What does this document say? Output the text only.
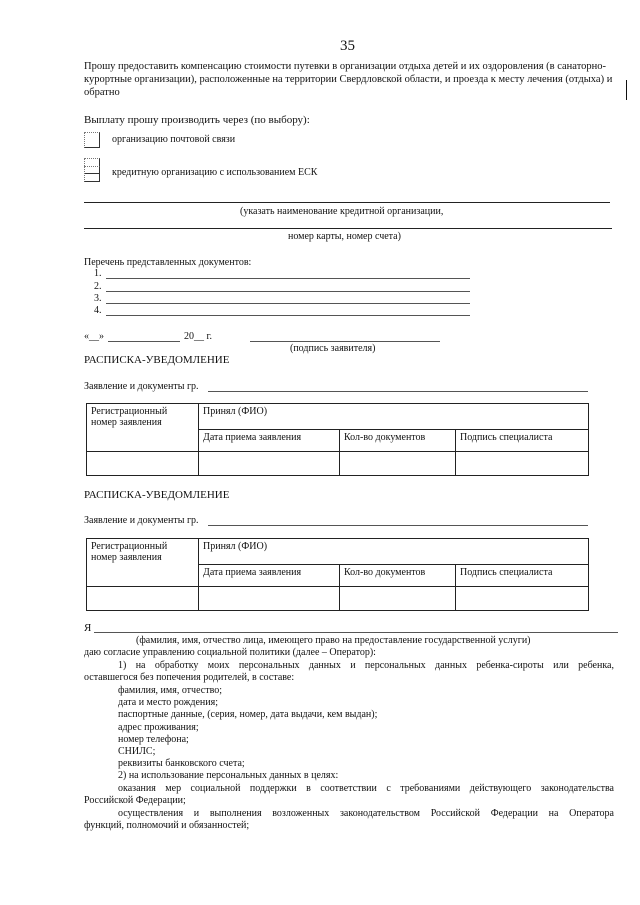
35
Прошу предоставить компенсацию стоимости путевки в организации отдыха детей и их оздоровления (в санаторно-курортные организации), расположенные на территории Свердловской области, и проезда к месту лечения (отдыха) и обратно
Выплату прошу производить через (по выбору):
организацию почтовой связи
кредитную организацию с использованием ЕСК
(указать наименование кредитной организации,
номер карты, номер счета)
Перечень представленных документов:
1.
2.
3.
4.
«__»	20__ г.
(подпись заявителя)
РАСПИСКА-УВЕДОМЛЕНИЕ
Заявление и документы гр.
Регистрационный номер заявления	Принял (ФИО)		
	Дата приема заявления	Кол-во документов	Подпись специалиста

РАСПИСКА-УВЕДОМЛЕНИЕ
Заявление и документы гр.
Регистрационный номер заявления	Принял (ФИО)		
	Дата приема заявления	Кол-во документов	Подпись специалиста

Я
(фамилия, имя, отчество лица, имеющего право на предоставление государственной услуги)
даю согласие управлению социальной политики (далее – Оператор):
1) на обработку моих персональных данных и персональных данных ребенка-сироты или ребенка,
оставшегося без попечения родителей, в составе:
фамилия, имя, отчество;
дата и место рождения;
паспортные данные, (серия, номер, дата выдачи, кем выдан);
адрес проживания;
номер телефона;
СНИЛС;
реквизиты банковского счета;
2) на использование персональных данных в целях:
оказания мер социальной поддержки в соответствии с требованиями действующего законодательства
Российской Федерации;
осуществления и выполнения возложенных законодательством Российской Федерации на Оператора
функций, полномочий и обязанностей;
